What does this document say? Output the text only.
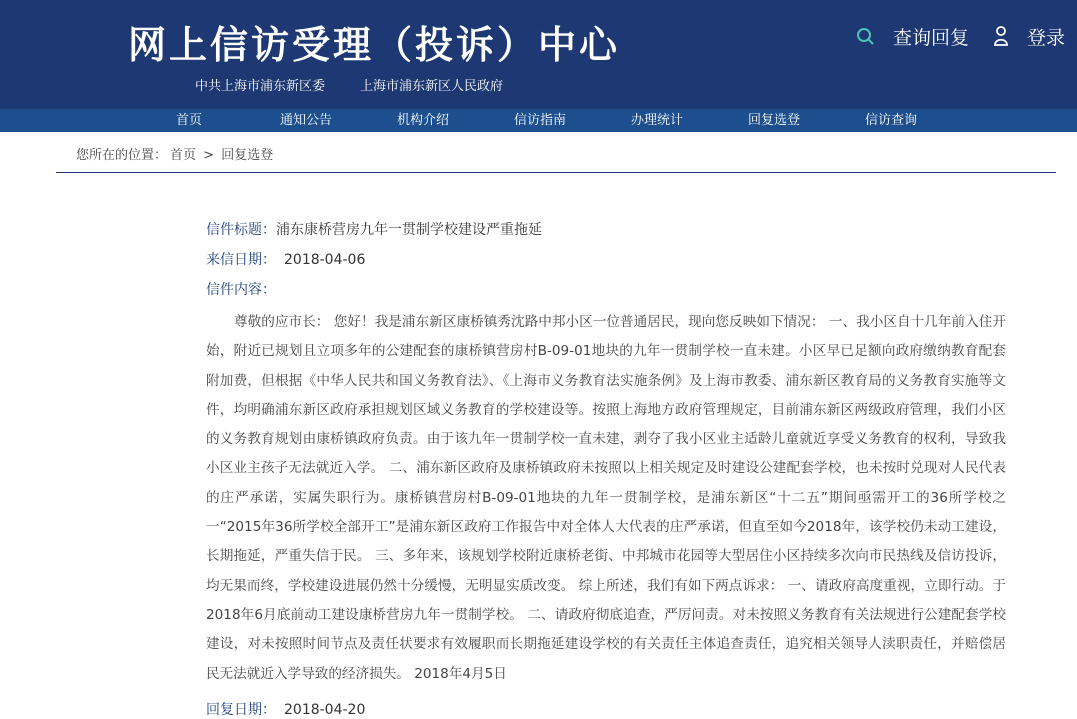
网上信访受理（投诉）中心
中共上海市浦东新区委	上海市浦东新区人民政府
查询回复	登录
首页	通知公告	机构介绍	信访指南	办理统计	回复选登	信访查询
您所在的位置： 首页 > 回复选登
信件标题：浦东康桥营房九年一贯制学校建设严重拖延
来信日期： 2018-04-06
信件内容：
尊敬的应市长： 您好！我是浦东新区康桥镇秀沈路中邦小区一位普通居民，现向您反映如下情况： 一、我小区自十几年前入住开始，附近已规划且立项多年的公建配套的康桥镇营房村B-09-01地块的九年一贯制学校一直未建。小区早已足额向政府缴纳教育配套附加费，但根据《中华人民共和国义务教育法》、《上海市义务教育法实施条例》及上海市教委、浦东新区教育局的义务教育实施等文件，均明确浦东新区政府承担规划区域义务教育的学校建设等。按照上海地方政府管理规定，目前浦东新区两级政府管理，我们小区的义务教育规划由康桥镇政府负责。由于该九年一贯制学校一直未建，剥夺了我小区业主适龄儿童就近享受义务教育的权利，导致我小区业主孩子无法就近入学。 二、浦东新区政府及康桥镇政府未按照以上相关规定及时建设公建配套学校，也未按时兑现对人民代表的庄严承诺，实属失职行为。康桥镇营房村B-09-01地块的九年一贯制学校，是浦东新区“十二五”期间亟需开工的36所学校之一“2015年36所学校全部开工”是浦东新区政府工作报告中对全体人大代表的庄严承诺，但直至如今2018年，该学校仍未动工建设，长期拖延，严重失信于民。 三、多年来，该规划学校附近康桥老街、中邦城市花园等大型居住小区持续多次向市民热线及信访投诉，均无果而终，学校建设进展仍然十分缓慢，无明显实质改变。 综上所述，我们有如下两点诉求： 一、请政府高度重视，立即行动。于2018年6月底前动工建设康桥营房九年一贯制学校。 二、请政府彻底追查，严厉问责。对未按照义务教育有关法规进行公建配套学校建设，对未按照时间节点及责任状要求有效履职而长期拖延建设学校的有关责任主体追查责任，追究相关领导人渎职责任，并赔偿居民无法就近入学导致的经济损失。 2018年4月5日
回复日期： 2018-04-20
